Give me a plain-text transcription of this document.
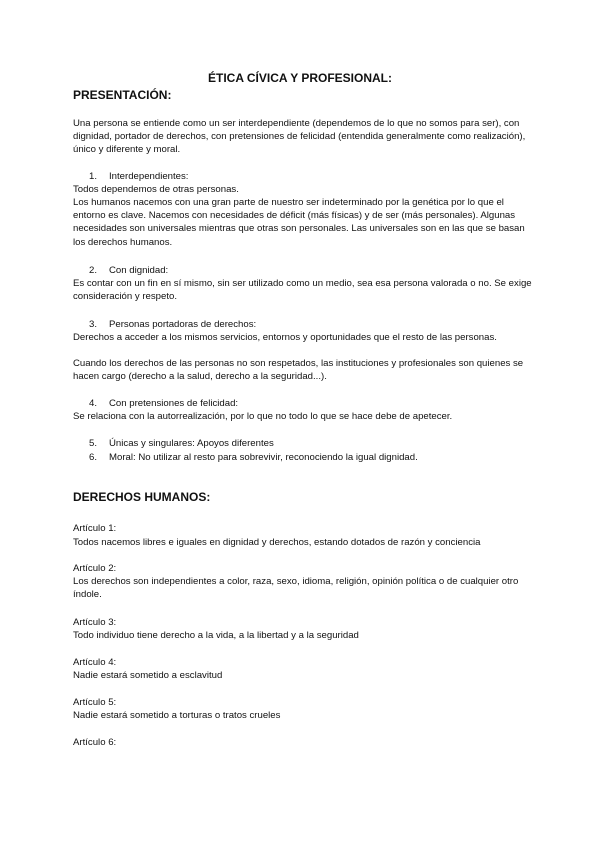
ÉTICA CÍVICA Y PROFESIONAL:
PRESENTACIÓN:

Una persona se entiende como un ser interdependiente (dependemos de lo que no somos para ser), con dignidad, portador de derechos, con pretensiones de felicidad (entendida generalmente como realización), único y diferente y moral.

1. Interdependientes:

Todos dependemos de otras personas.

Los humanos nacemos con una gran parte de nuestro ser indeterminado por la genética por lo que el entorno es clave. Nacemos con necesidades de déficit (más físicas) y de ser (más personales). Algunas necesidades son universales mientras que otras son personales. Las universales son en las que se basan los derechos humanos.

2. Con dignidad:

Es contar con un fin en sí mismo, sin ser utilizado como un medio, sea esa persona valorada o no. Se exige consideración y respeto.

3. Personas portadoras de derechos:

Derechos a acceder a los mismos servicios, entornos y oportunidades que el resto de las personas.

Cuando los derechos de las personas no son respetados, las instituciones y profesionales son quienes se hacen cargo (derecho a la salud, derecho a la seguridad...).

4. Con pretensiones de felicidad:

Se relaciona con la autorrealización, por lo que no todo lo que se hace debe de apetecer.

5. Únicas y singulares: Apoyos diferentes
6. Moral: No utilizar al resto para sobrevivir, reconociendo la igual dignidad.
DERECHOS HUMANOS:

Artículo 1:

Todos nacemos libres e iguales en dignidad y derechos, estando dotados de razón y conciencia

Artículo 2:

Los derechos son independientes a color, raza, sexo, idioma, religión, opinión política o de cualquier otro índole.

Artículo 3:

Todo individuo tiene derecho a la vida, a la libertad y a la seguridad

Artículo 4:

Nadie estará sometido a esclavitud

Artículo 5:

Nadie estará sometido a torturas o tratos crueles

Artículo 6:
